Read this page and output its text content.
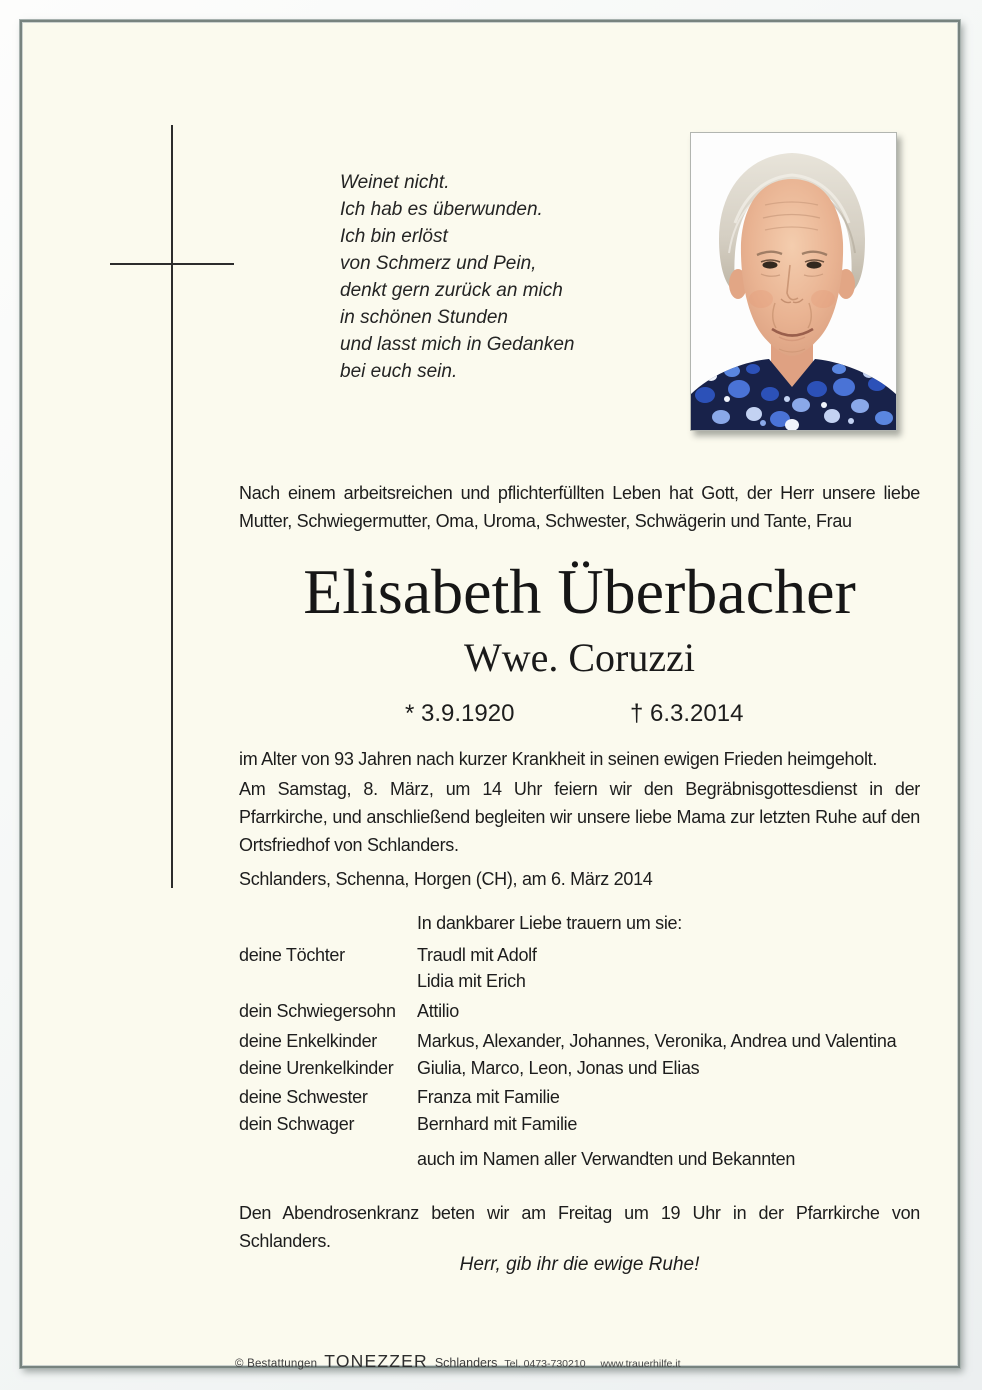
Weinet nicht.
Ich hab es überwunden.
Ich bin erlöst
von Schmerz und Pein,
denkt gern zurück an mich
in schönen Stunden
und lasst mich in Gedanken
bei euch sein.
Nach einem arbeitsreichen und pflichterfüllten Leben hat Gott, der Herr unsere liebe Mutter, Schwiegermutter, Oma, Uroma, Schwester, Schwägerin und Tante, Frau
Elisabeth Überbacher
Wwe. Coruzzi
* 3.9.1920	† 6.3.2014
im Alter von 93 Jahren nach kurzer Krankheit in seinen ewigen Frieden heimgeholt.
Am Samstag, 8. März, um 14 Uhr feiern wir den Begräbnisgottesdienst in der Pfarrkirche, und anschließend begleiten wir unsere liebe Mama zur letzten Ruhe auf den Ortsfriedhof von Schlanders.
Schlanders, Schenna, Horgen (CH), am 6. März 2014
In dankbarer Liebe trauern um sie:
deine Töchter	Traudl mit Adolf
Lidia mit Erich
dein Schwiegersohn	Attilio
deine Enkelkinder	Markus, Alexander, Johannes, Veronika, Andrea und Valentina
deine Urenkelkinder	Giulia, Marco, Leon, Jonas und Elias
deine Schwester	Franza mit Familie
dein Schwager	Bernhard mit Familie
auch im Namen aller Verwandten und Bekannten
Den Abendrosenkranz beten wir am Freitag um 19 Uhr in der Pfarrkirche von Schlanders.
Herr, gib ihr die ewige Ruhe!
© Bestattungen TONEZZER Schlanders Tel. 0473-730210 www.trauerhilfe.it
